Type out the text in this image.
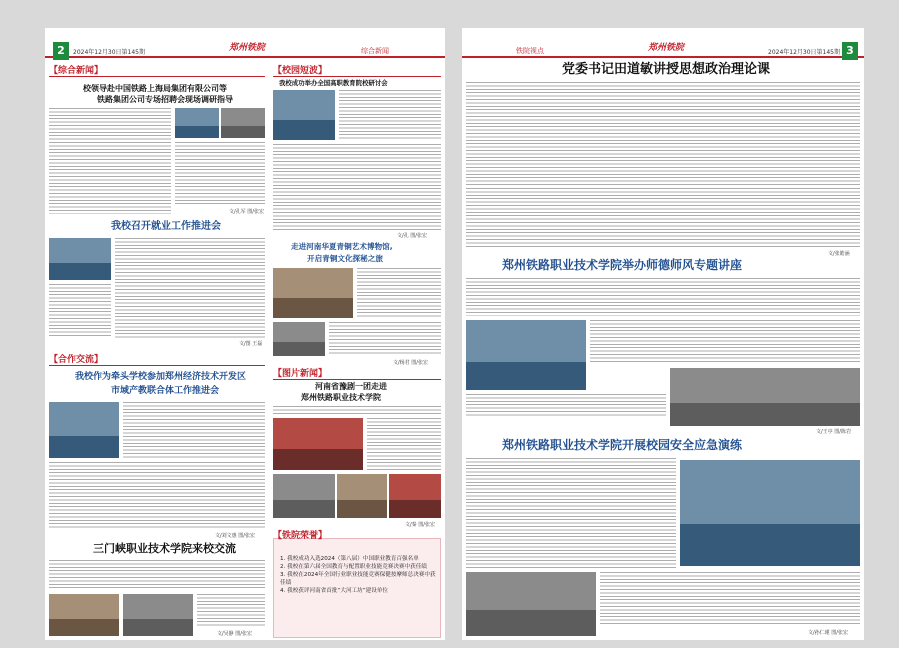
2	2024年12月30日第145期	郑州铁院	综合新闻
【综合新闻】
校领导赴中国铁路上海局集团有限公司等
铁路集团公司专场招聘会现场调研指导
文/孔军 图/张宏
我校召开就业工作推进会
文/图 王磊
【合作交流】
我校作为牵头学校参加郑州经济技术开发区
市域产教联合体工作推进会
文/刘文惠 图/张宏
三门峡职业技术学院来校交流
文/吴静 图/张宏
【校园短波】
我校成功举办全国高职教育院校研讨会
文/孔 图/张宏
走进河南华夏青铜艺术博物馆,
开启青铜文化探秘之旅
文/杨君 图/张宏
【图片新闻】
河南省豫剧一团走进
郑州铁路职业技术学院
文/秦 图/张宏
【铁院荣誉】
1. 我校成功入选2024（第八届）中国职业教育百强名单
2. 我校在第六届全国教育与配置职业技能竞赛决赛中获佳绩
3. 我校在2024年全国行业职业技能竞赛保健按摩师总决赛中获佳绩
4. 我校获评河南省首批“大河工坊”建设单位
铁院视点	郑州铁院	2024年12月30日第145期 3
党委书记田道敏讲授思想政治理论课
文/张皓涵
郑州铁路职业技术学院举办师德师风专题讲座
文/王亭 图/陈岩
郑州铁路职业技术学院开展校园安全应急演练
文/孙仁瑾 图/张宏
